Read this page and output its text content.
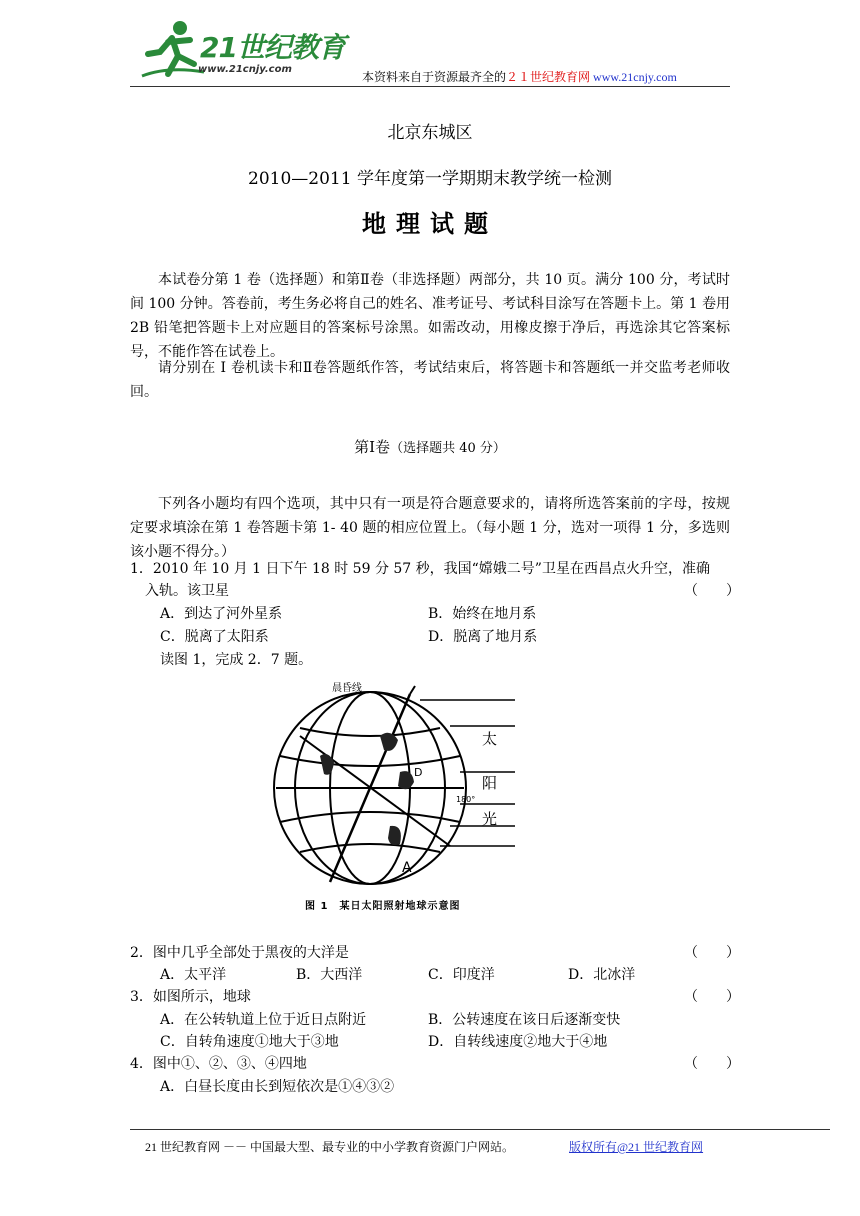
21世纪教育
www.21cnjy.com
本资料来自于资源最齐全的２１世纪教育网 www.21cnjy.com
北京东城区
2010—2011 学年度第一学期期末教学统一检测
地理试题
本试卷分第 1 卷（选择题）和第Ⅱ卷（非选择题）两部分，共 10 页。满分 100 分，考试时间 100 分钟。答卷前，考生务必将自己的姓名、准考证号、考试科目涂写在答题卡上。第 1 卷用 2B 铅笔把答题卡上对应题目的答案标号涂黑。如需改动，用橡皮擦于净后，再选涂其它答案标号，不能作答在试卷上。
请分别在 I 卷机读卡和Ⅱ卷答题纸作答，考试结束后，将答题卡和答题纸一并交监考老师收回。
第Ⅰ卷（选择题共 40 分）
下列各小题均有四个选项，其中只有一项是符合题意要求的，请将所选答案前的字母，按规定要求填涂在第 1 卷答题卡第 1- 40 题的相应位置上。（每小题 1 分，选对一项得 1 分，多选则该小题不得分。）
1．2010 年 10 月 1 日下午 18 时 59 分 57 秒，我国“嫦娥二号”卫星在西昌点火升空，准确
入轨。该卫星	（　　）
A．到达了河外星系	B．始终在地月系
C．脱离了太阳系	D．脱离了地月系
读图 1，完成 2．7 题。
晨昏线
太
阳
光
180°
A
D
图 1　某日太阳照射地球示意图
2．图中几乎全部处于黑夜的大洋是	（　　）
A．太平洋	B．大西洋	C．印度洋	D．北冰洋
3．如图所示，地球	（　　）
A．在公转轨道上位于近日点附近	B．公转速度在该日后逐渐变快
C．自转角速度①地大于③地	D．自转线速度②地大于④地
4．图中①、②、③、④四地	（　　）
A．白昼长度由长到短依次是①④③②
21 世纪教育网 －－ 中国最大型、最专业的中小学教育资源门户网站。	版权所有@21 世纪教育网
